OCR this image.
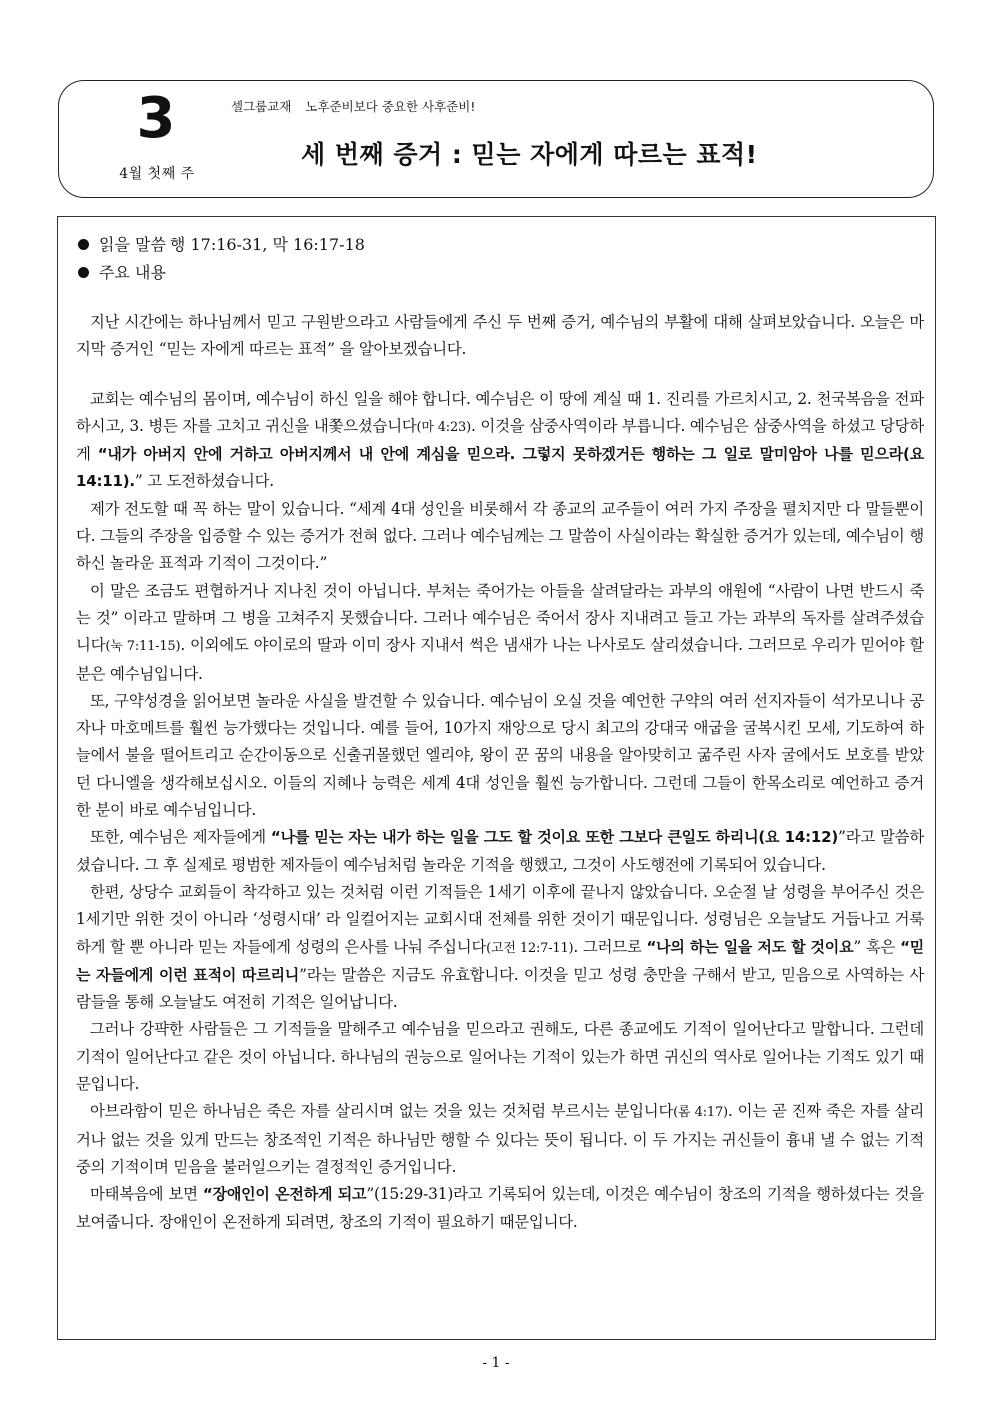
3
4월 첫째 주
셀그룹교재 노후준비보다 중요한 사후준비!
세 번째 증거 : 믿는 자에게 따르는 표적!
읽을 말씀 행 17:16-31, 막 16:17-18
주요 내용

지난 시간에는 하나님께서 믿고 구원받으라고 사람들에게 주신 두 번째 증거, 예수님의 부활에 대해 살펴보았습니다. 오늘은 마지막 증거인 “믿는 자에게 따르는 표적” 을 알아보겠습니다.

교회는 예수님의 몸이며, 예수님이 하신 일을 해야 합니다. 예수님은 이 땅에 계실 때 1. 진리를 가르치시고, 2. 천국복음을 전파하시고, 3. 병든 자를 고치고 귀신을 내쫓으셨습니다(마 4:23). 이것을 삼중사역이라 부릅니다. 예수님은 삼중사역을 하셨고 당당하게 “내가 아버지 안에 거하고 아버지께서 내 안에 계심을 믿으라. 그렇지 못하겠거든 행하는 그 일로 말미암아 나를 믿으라(요 14:11).” 고 도전하셨습니다.

제가 전도할 때 꼭 하는 말이 있습니다. “세계 4대 성인을 비롯해서 각 종교의 교주들이 여러 가지 주장을 펼치지만 다 말들뿐이다. 그들의 주장을 입증할 수 있는 증거가 전혀 없다. 그러나 예수님께는 그 말씀이 사실이라는 확실한 증거가 있는데, 예수님이 행하신 놀라운 표적과 기적이 그것이다.”

이 말은 조금도 편협하거나 지나친 것이 아닙니다. 부처는 죽어가는 아들을 살려달라는 과부의 애원에 “사람이 나면 반드시 죽는 것” 이라고 말하며 그 병을 고쳐주지 못했습니다. 그러나 예수님은 죽어서 장사 지내려고 들고 가는 과부의 독자를 살려주셨습니다(눅 7:11-15). 이외에도 야이로의 딸과 이미 장사 지내서 썩은 냄새가 나는 나사로도 살리셨습니다. 그러므로 우리가 믿어야 할 분은 예수님입니다.

또, 구약성경을 읽어보면 놀라운 사실을 발견할 수 있습니다. 예수님이 오실 것을 예언한 구약의 여러 선지자들이 석가모니나 공자나 마호메트를 훨씬 능가했다는 것입니다. 예를 들어, 10가지 재앙으로 당시 최고의 강대국 애굽을 굴복시킨 모세, 기도하여 하늘에서 불을 떨어트리고 순간이동으로 신출귀몰했던 엘리야, 왕이 꾼 꿈의 내용을 알아맞히고 굶주린 사자 굴에서도 보호를 받았던 다니엘을 생각해보십시오. 이들의 지혜나 능력은 세계 4대 성인을 훨씬 능가합니다. 그런데 그들이 한목소리로 예언하고 증거한 분이 바로 예수님입니다.

또한, 예수님은 제자들에게 “나를 믿는 자는 내가 하는 일을 그도 할 것이요 또한 그보다 큰일도 하리니(요 14:12)”라고 말씀하셨습니다. 그 후 실제로 평범한 제자들이 예수님처럼 놀라운 기적을 행했고, 그것이 사도행전에 기록되어 있습니다.

한편, 상당수 교회들이 착각하고 있는 것처럼 이런 기적들은 1세기 이후에 끝나지 않았습니다. 오순절 날 성령을 부어주신 것은 1세기만 위한 것이 아니라 ‘성령시대’ 라 일컬어지는 교회시대 전체를 위한 것이기 때문입니다. 성령님은 오늘날도 거듭나고 거룩하게 할 뿐 아니라 믿는 자들에게 성령의 은사를 나눠 주십니다(고전 12:7-11). 그러므로 “나의 하는 일을 저도 할 것이요” 혹은 “믿는 자들에게 이런 표적이 따르리니”라는 말씀은 지금도 유효합니다. 이것을 믿고 성령 충만을 구해서 받고, 믿음으로 사역하는 사람들을 통해 오늘날도 여전히 기적은 일어납니다.

그러나 강퍅한 사람들은 그 기적들을 말해주고 예수님을 믿으라고 권해도, 다른 종교에도 기적이 일어난다고 말합니다. 그런데 기적이 일어난다고 같은 것이 아닙니다. 하나님의 권능으로 일어나는 기적이 있는가 하면 귀신의 역사로 일어나는 기적도 있기 때문입니다.

아브라함이 믿은 하나님은 죽은 자를 살리시며 없는 것을 있는 것처럼 부르시는 분입니다(롬 4:17). 이는 곧 진짜 죽은 자를 살리거나 없는 것을 있게 만드는 창조적인 기적은 하나님만 행할 수 있다는 뜻이 됩니다. 이 두 가지는 귀신들이 흉내 낼 수 없는 기적 중의 기적이며 믿음을 불러일으키는 결정적인 증거입니다.

마태복음에 보면 “장애인이 온전하게 되고”(15:29-31)라고 기록되어 있는데, 이것은 예수님이 창조의 기적을 행하셨다는 것을 보여줍니다. 장애인이 온전하게 되려면, 창조의 기적이 필요하기 때문입니다.

- 1 -
